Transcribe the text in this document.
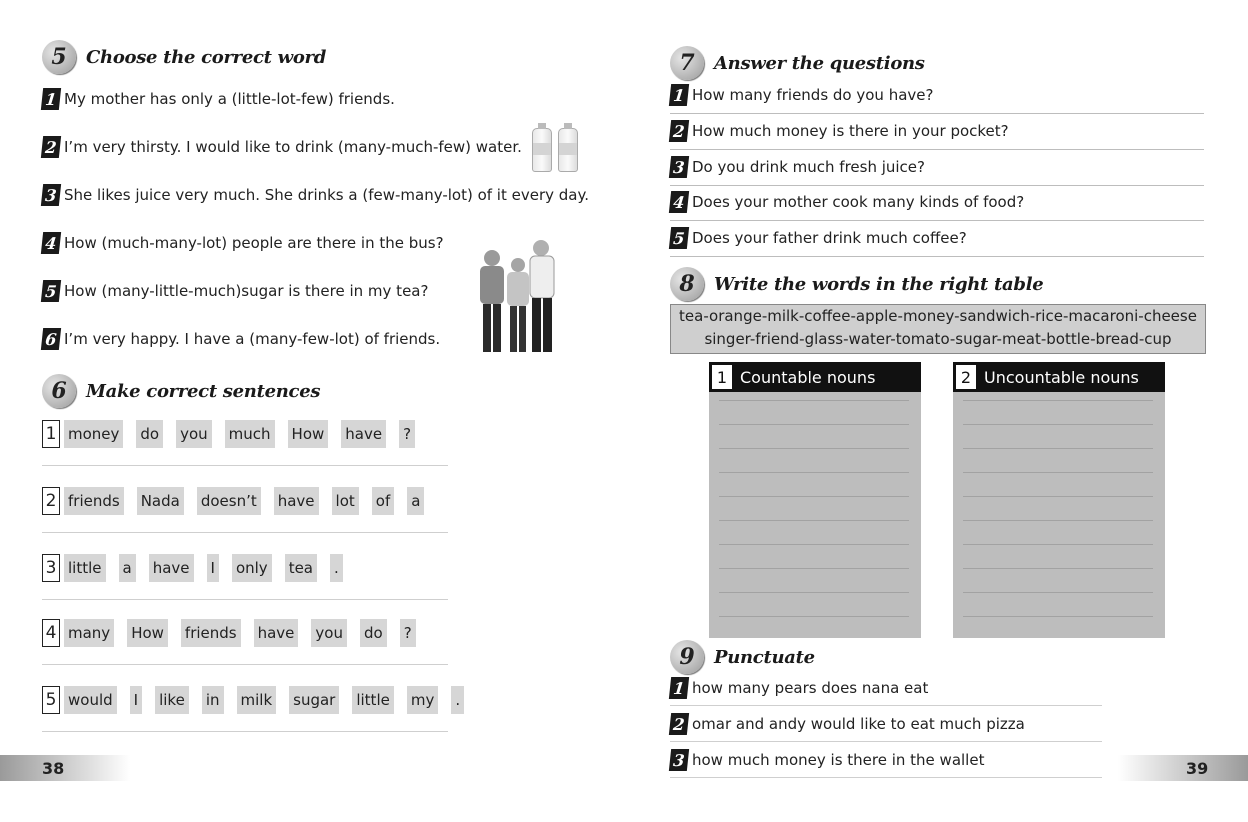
5	Choose the correct word
1 My mother has only a (little-lot-few) friends.
2 I’m very thirsty. I would like to drink (many-much-few) water.
3 She likes juice very much. She drinks a (few-many-lot) of it every day.
4 How (much-many-lot) people are there in the bus?
5 How (many-little-much)sugar is there in my tea?
6 I’m very happy. I have a (many-few-lot) of friends.
6	Make correct sentences
1 money do you much How have ?
2 friends Nada doesn’t have lot of a
3 little a have I only tea .
4 many How friends have you do ?
5 would I like in milk sugar little my .
38
7	Answer the questions
1 How many friends do you have?
2 How much money is there in your pocket?
3 Do you drink much fresh juice?
4 Does your mother cook many kinds of food?
5 Does your father drink much coffee?
8	Write the words in the right table
tea-orange-milk-coffee-apple-money-sandwich-rice-macaroni-cheese
singer-friend-glass-water-tomato-sugar-meat-bottle-bread-cup
1 Countable nouns	2 Uncountable nouns
9	Punctuate
1 how many pears does nana eat
2 omar and andy would like to eat much pizza
3 how much money is there in the wallet	39
